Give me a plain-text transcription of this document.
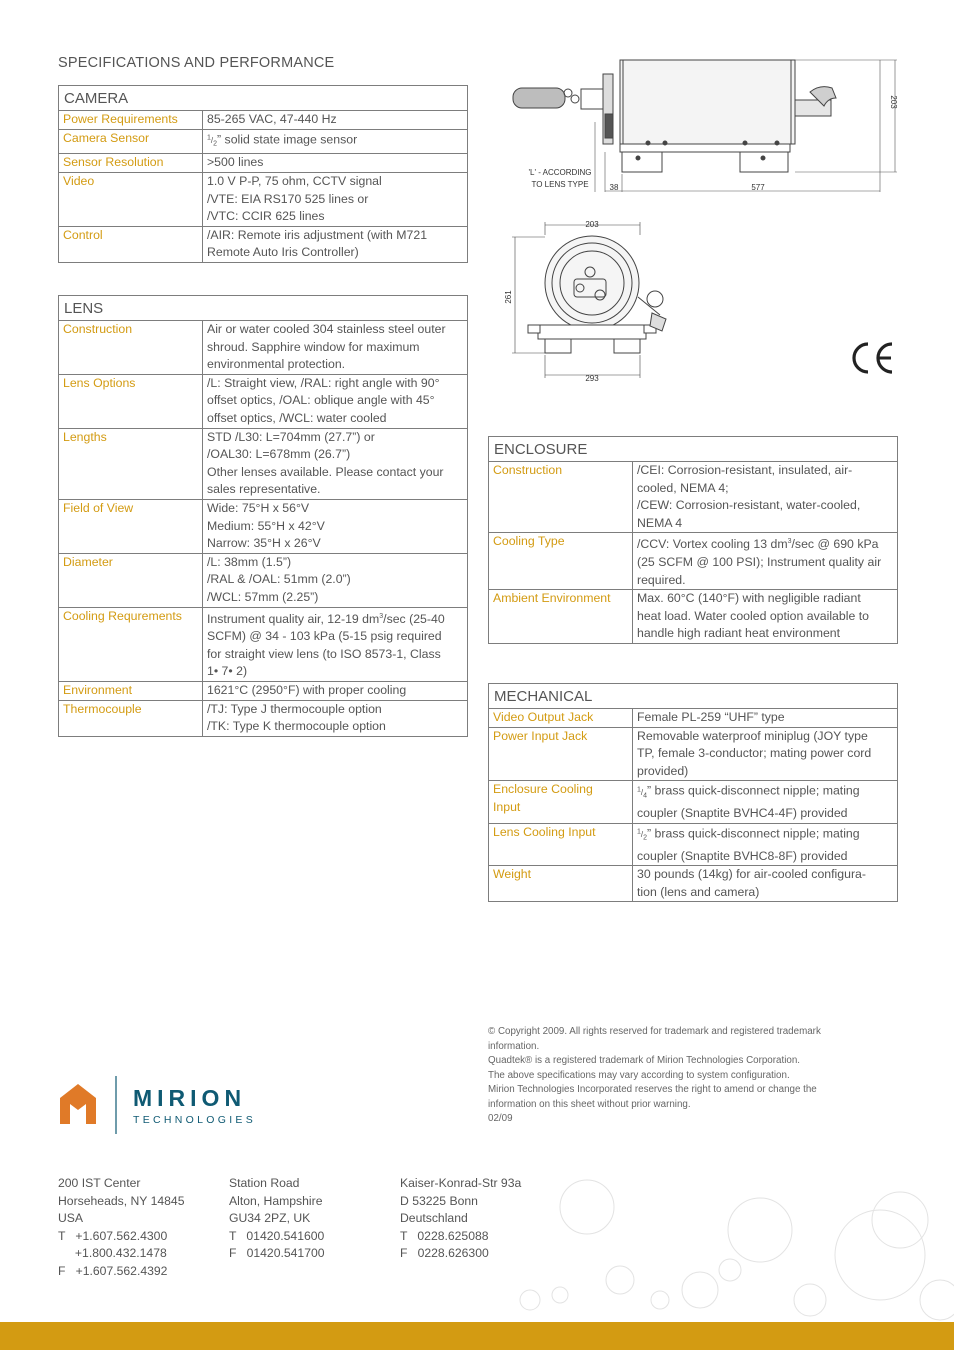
SPECIFICATIONS AND PERFORMANCE
CAMERA	
Power Requirements	85-265 VAC, 47-440 Hz
Camera Sensor	$^1/_2$” solid state image sensor
Sensor Resolution	>500 lines
Video	1.0 V P-P, 75 ohm, CCTV signal
/VTE: EIA RS170 525 lines or
/VTC: CCIR 625 lines
Control	/AIR: Remote iris adjustment (with M721
Remote Auto Iris Controller)
LENS	
Construction	Air or water cooled 304 stainless steel outer
shroud. Sapphire window for maximum
environmental protection.
Lens Options	/L: Straight view, /RAL: right angle with 90°
offset optics, /OAL: oblique angle with 45°
offset optics, /WCL: water cooled
Lengths	STD /L30: L=704mm (27.7”) or
/OAL30: L=678mm (26.7”)
Other lenses available. Please contact your
sales representative.
Field of View	Wide: 75°H x 56°V
Medium: 55°H x 42°V
Narrow: 35°H x 26°V
Diameter	/L: 38mm (1.5”)
/RAL & /OAL: 51mm (2.0”)
/WCL: 57mm (2.25”)
Cooling Requrements	Instrument quality air, 12-19 $dm^3/\sec$ (25-40
SCFM) @ 34 - 103 kPa (5-15 psig required
for straight view lens (to ISO 8573-1, Class
1• 7• 2)
Environment	1621°C (2950°F) with proper cooling
Thermocouple	/TJ: Type J thermocouple option
/TK: Type K thermocouple option
ENCLOSURE	
Construction	/CEI: Corrosion-resistant, insulated, air-
cooled, NEMA 4;
/CEW: Corrosion-resistant, water-cooled,
NEMA 4
Cooling Type	/CCV: Vortex cooling 13 $dm^3/\sec$ @ 690 kPa
(25 SCFM @ 100 PSI); Instrument quality air
required.
Ambient Environment	Max. 60°C (140°F) with negligible radiant
heat load. Water cooled option available to
handle high radiant heat environment
MECHANICAL	
Video Output Jack	Female PL-259 “UHF” type
Power Input Jack	Removable waterproof miniplug (JOY type
TP, female 3-conductor; mating power cord
provided)
Enclosure Cooling
Input	$^1/_4$” brass quick-disconnect nipple; mating
coupler (Snaptite BVHC4-4F) provided
Lens Cooling Input	$^1/_2$” brass quick-disconnect nipple; mating
coupler (Snaptite BVHC8-8F) provided
Weight	30 pounds (14kg) for air-cooled configura-
tion (lens and camera)
'L' - ACCORDING TO LENS TYPE	38	577
203
203
261
293
© Copyright 2009. All rights reserved for trademark and registered trademark
information.
Quadtek® is a registered trademark of Mirion Technologies Corporation.
The above specifications may vary according to system configuration.
Mirion Technologies Incorporated reserves the right to amend or change the
information on this sheet without prior warning.
02/09
MIRION
TECHNOLOGIES
200 IST Center
Horseheads, NY 14845
USA
T   +1.607.562.4300
+1.800.432.1478
F   +1.607.562.4392
Station Road
Alton, Hampshire
GU34 2PZ, UK
T   01420.541600
F   01420.541700
Kaiser-Konrad-Str 93a
D 53225 Bonn
Deutschland
T   0228.625088
F   0228.626300
